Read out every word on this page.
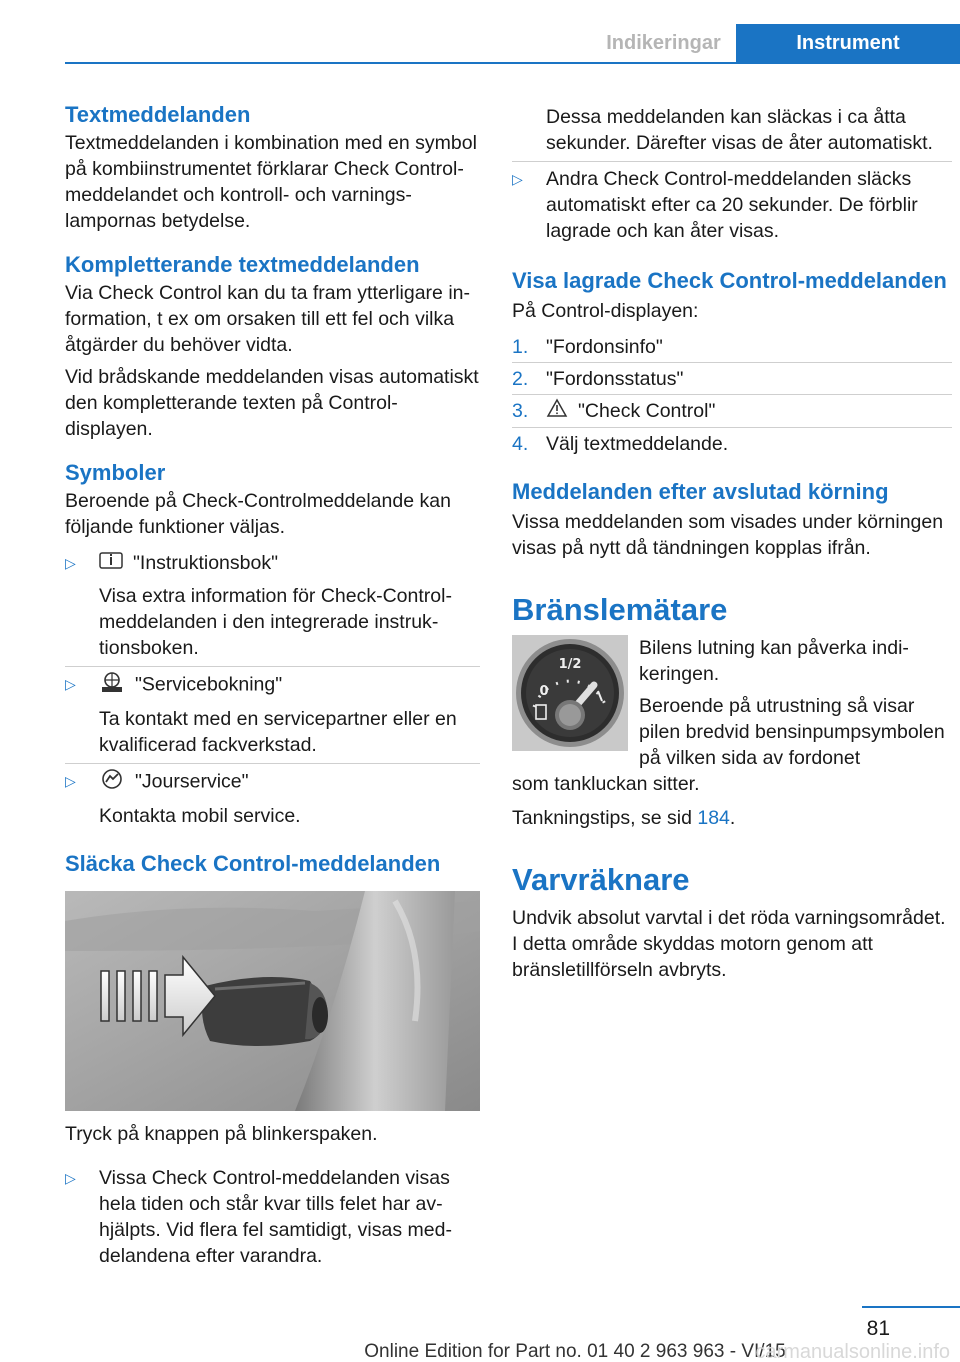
Indikeringar	Instrument
Textmeddelanden

Textmeddelanden i kombination med en symbol på kombiinstrumentet förklarar Check Control-meddelandet och kontroll- och varningslampornas betydelse.

Kompletterande textmeddelanden

Via Check Control kan du ta fram ytterligare information, t ex om orsaken till ett fel och vilka åtgärder du behöver vidta.

Vid brådskande meddelanden visas automatiskt den kompletterande texten på Control-displayen.

Symboler

Beroende på Check-Controlmeddelande kan följande funktioner väljas.

▷	"Instruktionsbok"

Visa extra information för Check-Control-meddelanden i den integrerade instruktionsboken.

▷	"Servicebokning"

Ta kontakt med en servicepartner eller en kvalificerad fackverkstad.

▷	"Jourservice"

Kontakta mobil service.

Släcka Check Control-meddelanden

Tryck på knappen på blinkerspaken.

▷ Vissa Check Control-meddelanden visas hela tiden och står kvar tills felet har avhjälpts. Vid flera fel samtidigt, visas meddelandena efter varandra.

Dessa meddelanden kan släckas i ca åtta sekunder. Därefter visas de åter automatiskt.

▷ Andra Check Control-meddelanden släcks automatiskt efter ca 20 sekunder. De förblir lagrade och kan åter visas.

Visa lagrade Check Control-meddelanden

På Control-displayen:

1. "Fordonsinfo"

2. "Fordonsstatus"

3.	"Check Control"

4. Välj textmeddelande.

Meddelanden efter avslutad körning

Vissa meddelanden som visades under körningen visas på nytt då tändningen kopplas ifrån.

Bränslemätare
1/2
0

Bilens lutning kan påverka indikeringen.

Beroende på utrustning så visar pilen bredvid bensinpumpsymbolen på vilken sida av fordonet

som tankluckan sitter.

Tankningstips, se sid 184.

Varvräknare

Undvik absolut varvtal i det röda varningsområdet. I detta område skyddas motorn genom att bränsletillförseln avbryts.

81
Online Edition for Part no. 01 40 2 963 963 - VI/15
carmanualsonline.info
